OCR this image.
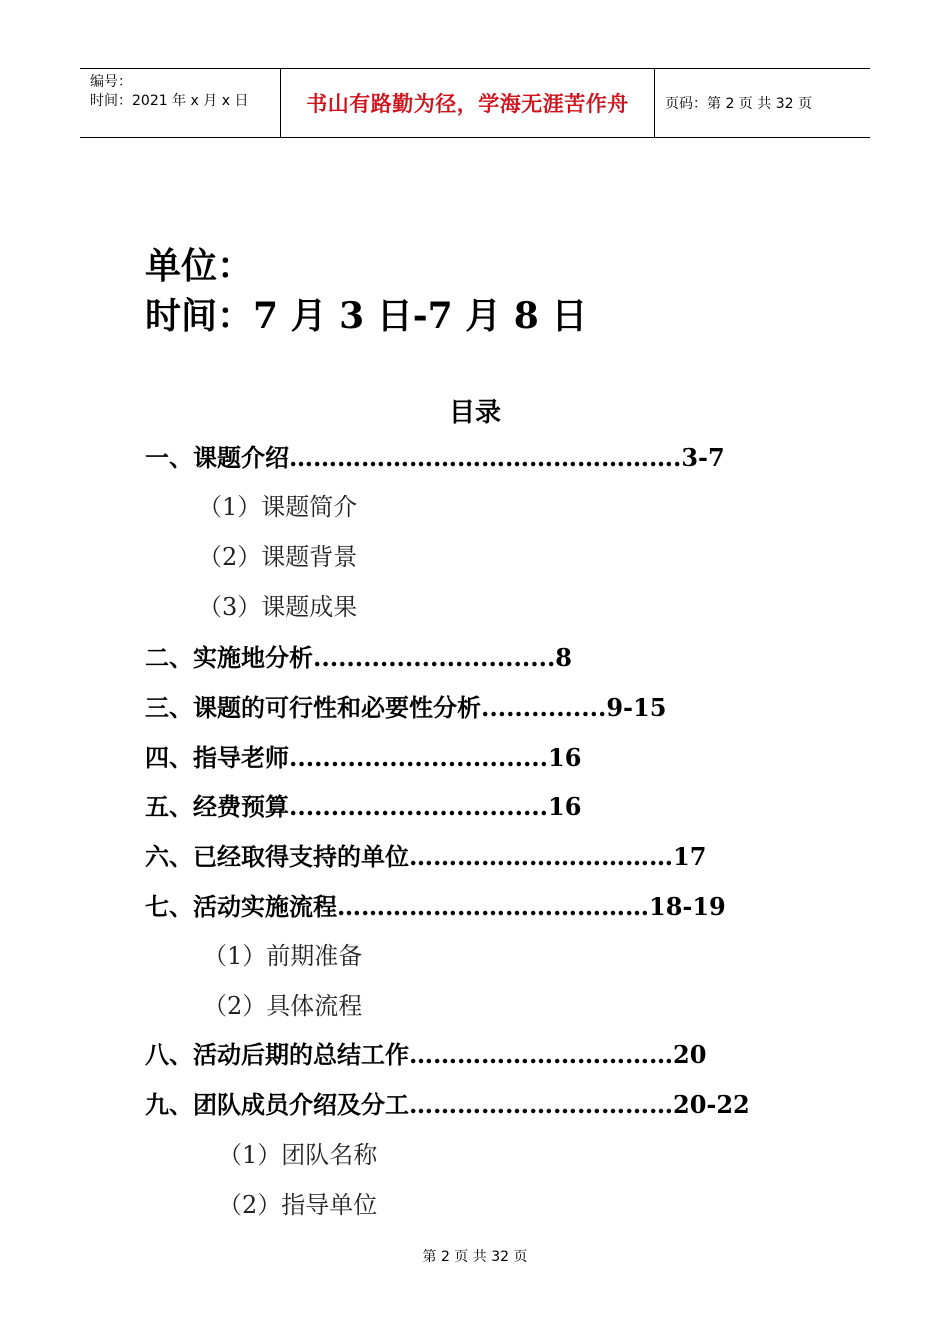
编号：
时间：2021 年 x 月 x 日	书山有路勤为径，学海无涯苦作舟	页码：第 2 页 共 32 页
单位：
时间：7 月 3 日-7 月 8 日
目录
一、课题介绍………………………………………….3-7
（1）课题简介
（2）课题背景
（3）课题成果
二、实施地分析.............................8
三、课题的可行性和必要性分析...............9-15
四、指导老师...............................16
五、经费预算...............................16
六、已经取得支持的单位……………………………17
七、活动实施流程…………………………………18-19
（1）前期准备
（2）具体流程
八、活动后期的总结工作……………………………20
九、团队成员介绍及分工……………………………20-22
（1）团队名称
（2）指导单位
第 2 页 共 32 页
